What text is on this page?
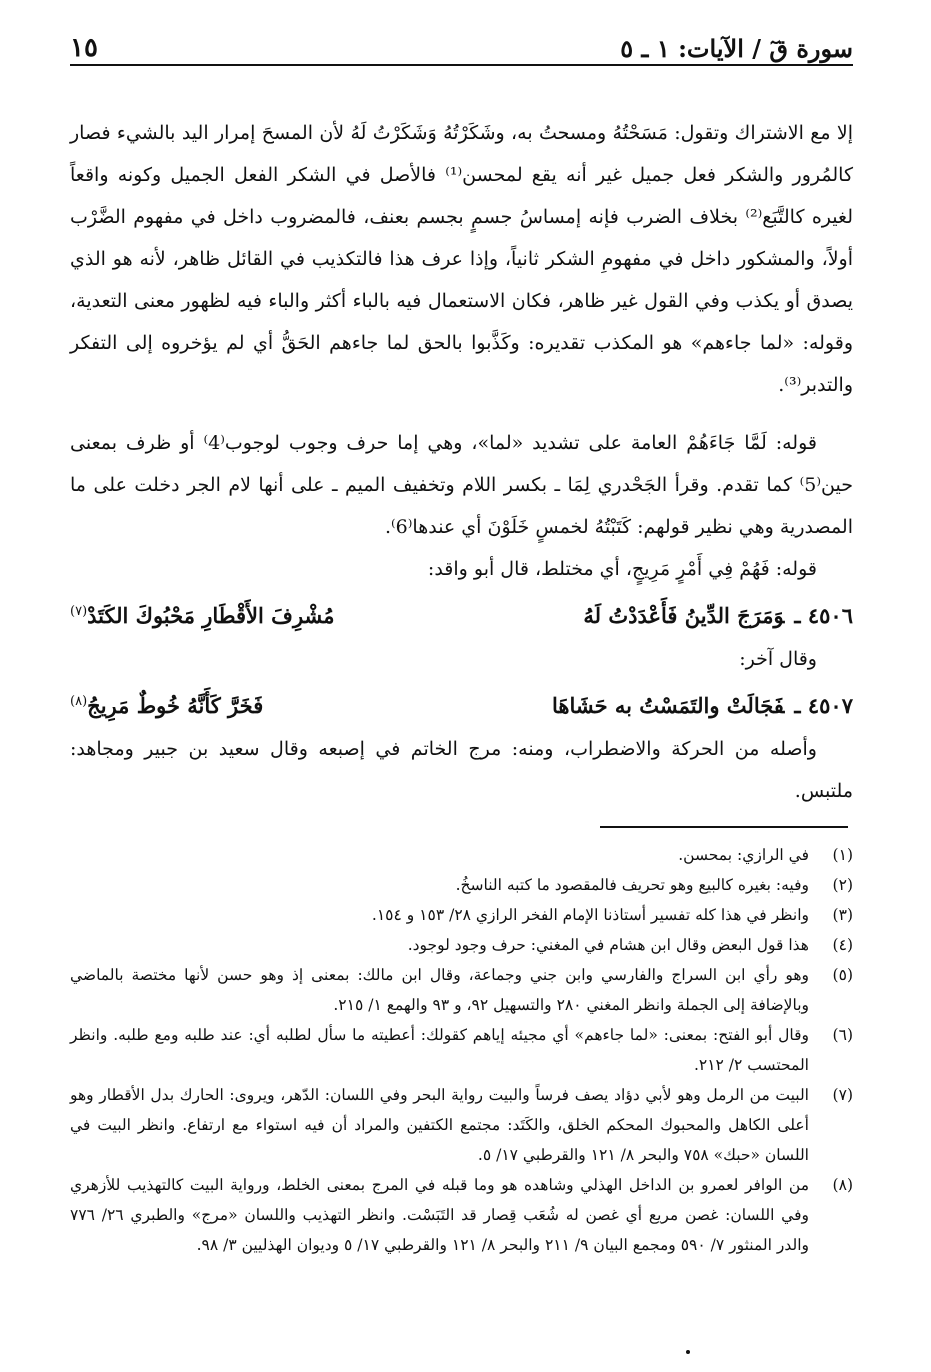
سورة قٓ / الآيات: ١ ـ ٥
١٥

إلا مع الاشتراك وتقول: مَسَحْتُهُ ومسحتُ به، وشَكَرْتُهُ وَشَكَرْتُ لَهُ لأن المسحَ إمرار اليد بالشيء فصار كالمُرور والشكر فعل جميل غير أنه يقع لمحسن⁽¹⁾ فالأصل في الشكر الفعل الجميل وكونه واقعاً لغيره كالتَّبَع⁽²⁾ بخلاف الضرب فإنه إمساسُ جسمٍ بجسم بعنف، فالمضروب داخل في مفهوم الضَّرْب أولاً، والمشكور داخل في مفهومِ الشكر ثانياً، وإذا عرف هذا فالتكذيب في القائل ظاهر، لأنه هو الذي يصدق أو يكذب وفي القول غير ظاهر، فكان الاستعمال فيه بالباء أكثر والباء فيه لظهور معنى التعدية، وقوله: «لما جاءهم» هو المكذب تقديره: وكَذَّبوا بالحق لما جاءهم الحَقُّ أي لم يؤخروه إلى التفكر والتدبر⁽³⁾.

قوله: لَمَّا جَاءَهُمْ العامة على تشديد «لما»، وهي إما حرف وجوب لوجوب⁽4⁾ أو ظرف بمعنى حين⁽5⁾ كما تقدم. وقرأ الجَحْدري لِمَا ـ بكسر اللام وتخفيف الميم ـ على أنها لام الجر دخلت على ما المصدرية وهي نظير قولهم: كَتَبْتُهُ لخمسٍ خَلَوْنَ أي عندها⁽6⁾.

قوله: فَهُمْ فِي أَمْرٍ مَرِيجٍ، أي مختلط، قال أبو واقد:

٤٥٠٦ ـوَمَرَجَ الدِّينُ فَأَعْدَدْتُ لَهُ
مُشْرِفَ الأَقْطَارِ مَحْبُوكَ الكَتَدْ$^{(٧)}$

وقال آخر:

٤٥٠٧ ـفَجَالَتْ والتَمَسْتُ به حَشَاهَا
فَخَرَّ كَأَنَّهُ خُوطٌ مَرِيجُ$^{(٨)}$

وأصله من الحركة والاضطراب، ومنه: مرج الخاتم في إصبعه وقال سعيد بن جبير ومجاهد: ملتبس.

(١)
في الرازي: بمحسن.
(٢)
وفيه: بغيره كالبيع وهو تحريف فالمقصود ما كتبه الناسخُ.
(٣)
وانظر في هذا كله تفسير أستاذنا الإمام الفخر الرازي ٢٨/ ١٥٣ و ١٥٤.
(٤)
هذا قول البعض وقال ابن هشام في المغني: حرف وجود لوجود.
(٥)
وهو رأي ابن السراج والفارسي وابن جني وجماعة، وقال ابن مالك: بمعنى إذ وهو حسن لأنها مختصة بالماضي وبالإضافة إلى الجملة وانظر المغني ٢٨٠ والتسهيل ٩٢، و ٩٣ والهمع ١/ ٢١٥.
(٦)
وقال أبو الفتح: بمعنى: «لما جاءهم» أي مجيئه إياهم كقولك: أعطيته ما سأل لطلبه أي: عند طلبه ومع طلبه. وانظر المحتسب ٢/ ٢١٢.
(٧)
البيت من الرمل وهو لأبي دؤاد يصف فرساً والبيت رواية البحر وفي اللسان: الدّهر، ويروى: الحارك بدل الأقطار وهو أعلى الكاهل والمحبوك المحكم الخلق، والكَتَد: مجتمع الكتفين والمراد أن فيه استواء مع ارتفاع. وانظر البيت في اللسان «حبك» ٧٥٨ والبحر ٨/ ١٢١ والقرطبي ١٧/ ٥.
(٨)
من الوافر لعمرو بن الداخل الهذلي وشاهده هو وما قبله في المرج بمعنى الخلط، ورواية البيت كالتهذيب للأزهري وفي اللسان: غصن مريع أي غصن له شُعَب قِصار قد التَبَسْت. وانظر التهذيب واللسان «مرج» والطبري ٢٦/ ٧٧٦ والدر المنثور ٧/ ٥٩٠ ومجمع البيان ٩/ ٢١١ والبحر ٨/ ١٢١ والقرطبي ١٧/ ٥ وديوان الهذليين ٣/ ٩٨.
